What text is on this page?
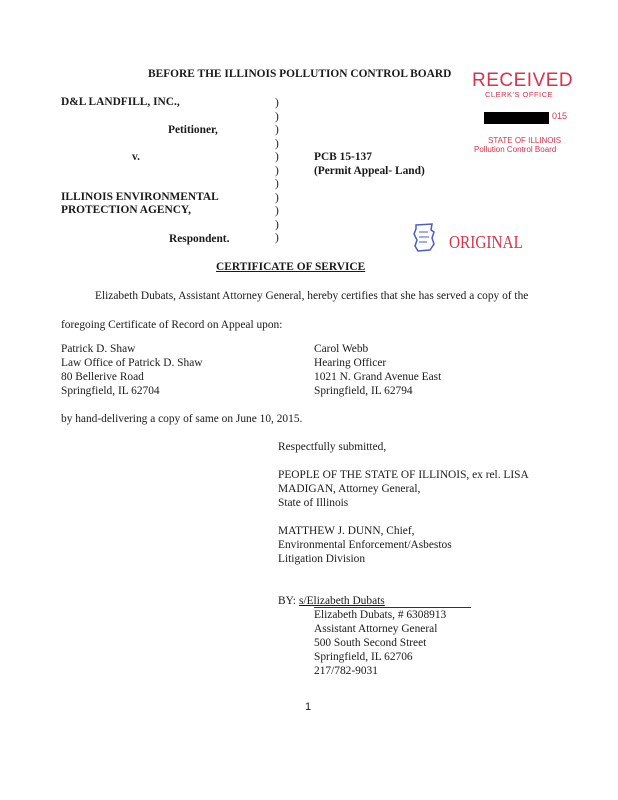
BEFORE THE ILLINOIS POLLUTION CONTROL BOARD
D&L LANDFILL, INC.,
Petitioner,
v.
ILLINOIS ENVIRONMENTAL
PROTECTION AGENCY,
Respondent.
)
)
)
)
)
)
)
)
)
)
)
PCB 15-137
(Permit Appeal- Land)
RECEIVED
CLERK'S OFFICE
015
STATE OF ILLINOIS
Pollution Control Board
ORIGINAL
CERTIFICATE OF SERVICE
Elizabeth Dubats, Assistant Attorney General, hereby certifies that she has served a copy of the
foregoing Certificate of Record on Appeal upon:
Patrick D. Shaw
Law Office of Patrick D. Shaw
80 Bellerive Road
Springfield, IL 62704
Carol Webb
Hearing Officer
1021 N. Grand Avenue East
Springfield, IL 62794
by hand-delivering a copy of same on June 10, 2015.
Respectfully submitted,
PEOPLE OF THE STATE OF ILLINOIS, ex rel. LISA
MADIGAN, Attorney General,
State of Illinois
MATTHEW J. DUNN, Chief,
Environmental Enforcement/Asbestos
Litigation Division
BY: s/Elizabeth Dubats
Elizabeth Dubats, # 6308913
Assistant Attorney General
500 South Second Street
Springfield, IL 62706
217/782-9031
1
